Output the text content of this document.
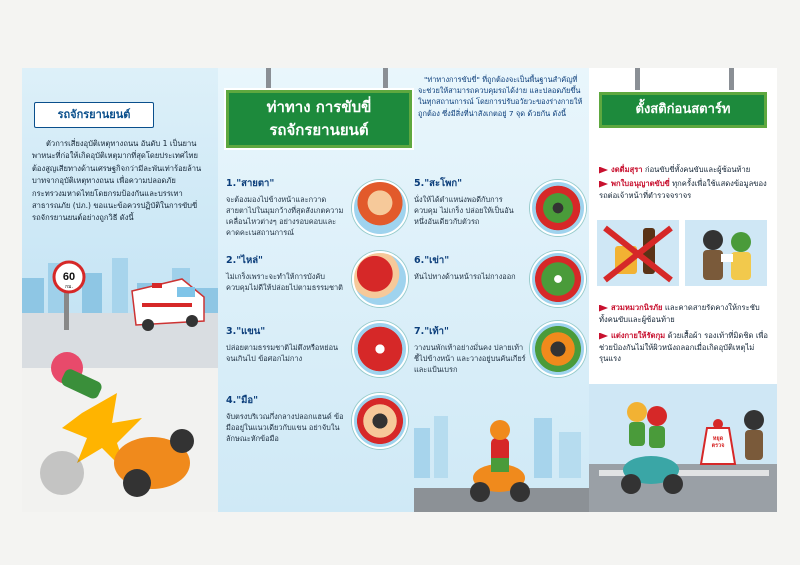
รถจักรยานยนต์
ตัวการเสี่ยงอุบัติเหตุทางถนน อันดับ 1 เป็นยานพาหนะที่ก่อให้เกิดอุบัติเหตุมากที่สุดโดยประเทศไทยต้องสูญเสียทางด้านเศรษฐกิจกว่ามีละพันเท่าร้อยล้านบาทจากอุบัติเหตุทางถนน เพื่อความปลอดภัย กระทรวงมหาดไทยโดยกรมป้องกันและบรรเทาสาธารณภัย (ปภ.) ขอแนะข้อควรปฏิบัติในการขับขี่รถจักรยานยนต์อย่างถูกวิธี ดังนี้
60
กม.
ท่าทาง การขับขี่
รถจักรยานยนต์
"ท่าทางการขับขี่" ที่ถูกต้องจะเป็นพื้นฐานสำคัญที่จะช่วยให้สามารถควบคุมรถได้ง่าย และปลอดภัยขึ้นในทุกสถานการณ์ โดยการปรับอวัยวะของร่างกายให้ถูกต้อง ซึ่งมีสิ่งที่น่าสังเกตอยู่ 7 จุด ด้วยกัน ดังนี้
1."สายตา"
จะต้องมองไปข้างหน้าและกวาดสายตาไปในมุมกว้างที่สุดสังเกตความเคลื่อนไหวต่างๆ อย่างรอบคอบและคาดคะเนสถานการณ์
2."ไหล่"
ไม่เกร็งเพราะจะทำให้การบังคับควบคุมไม่ดีให้ปล่อยไปตามธรรมชาติ
3."แขน"
ปล่อยตามธรรมชาติไม่ตึงหรือหย่อนจนเกินไป ข้อศอกไม่กาง
4."มือ"
จับตรงบริเวณกึ่งกลางปลอกแฮนด์ ข้อมืออยู่ในแนวเดียวกับแขน อย่าจับในลักษณะหักข้อมือ
5."สะโพก"
นั่งให้ได้ตำแหน่งพอดีกับการควบคุม ไม่เกร็ง ปล่อยให้เป็นอันหนึ่งอันเดียวกับตัวรถ
6."เข่า"
หันไปทางด้านหน้ารถไม่กางออก
7."เท้า"
วางบนพักเท้าอย่างมั่นคง ปลายเท้าชี้ไปข้างหน้า และวางอยู่บนคันเกียร์และแป้นเบรก
ตั้งสติก่อนสตาร์ท
งดดื่มสุรา ก่อนขับขี่ทั้งคนขับและผู้ซ้อนท้าย
พกใบอนุญาตขับขี่ ทุกครั้งเพื่อใช้แสดงข้อมูลของรถต่อเจ้าหน้าที่ตำรวจจราจร
สวมหมวกนิรภัย และคาดสายรัดคางให้กระชับ ทั้งคนขับและผู้ซ้อนท้าย
แต่งกายให้รัดกุม ด้วยเสื้อผ้า รองเท้าที่มิดชิด เพื่อช่วยป้องกันไม่ให้ผิวหนังถลอกเมื่อเกิดอุบัติเหตุไม่รุนแรง
หยุด
ตรวจ
